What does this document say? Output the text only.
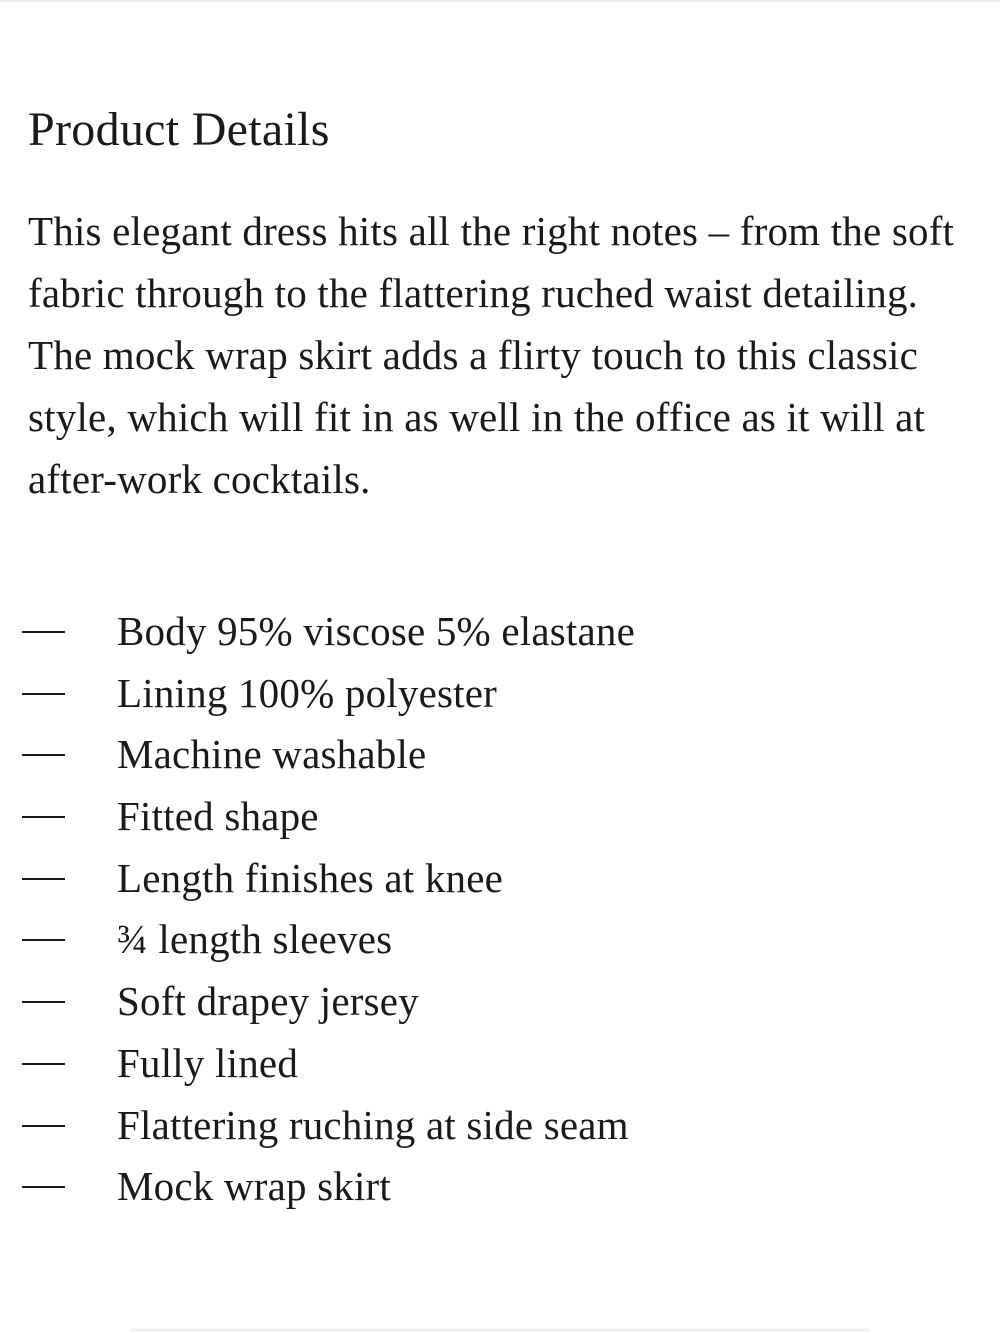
Product Details

This elegant dress hits all the right notes – from the soft fabric through to the flattering ruched waist detailing. The mock wrap skirt adds a flirty touch to this classic style, which will fit in as well in the office as it will at after-work cocktails.

Body 95% viscose 5% elastane
Lining 100% polyester
Machine washable
Fitted shape
Length finishes at knee
¾ length sleeves
Soft drapey jersey
Fully lined
Flattering ruching at side seam
Mock wrap skirt
